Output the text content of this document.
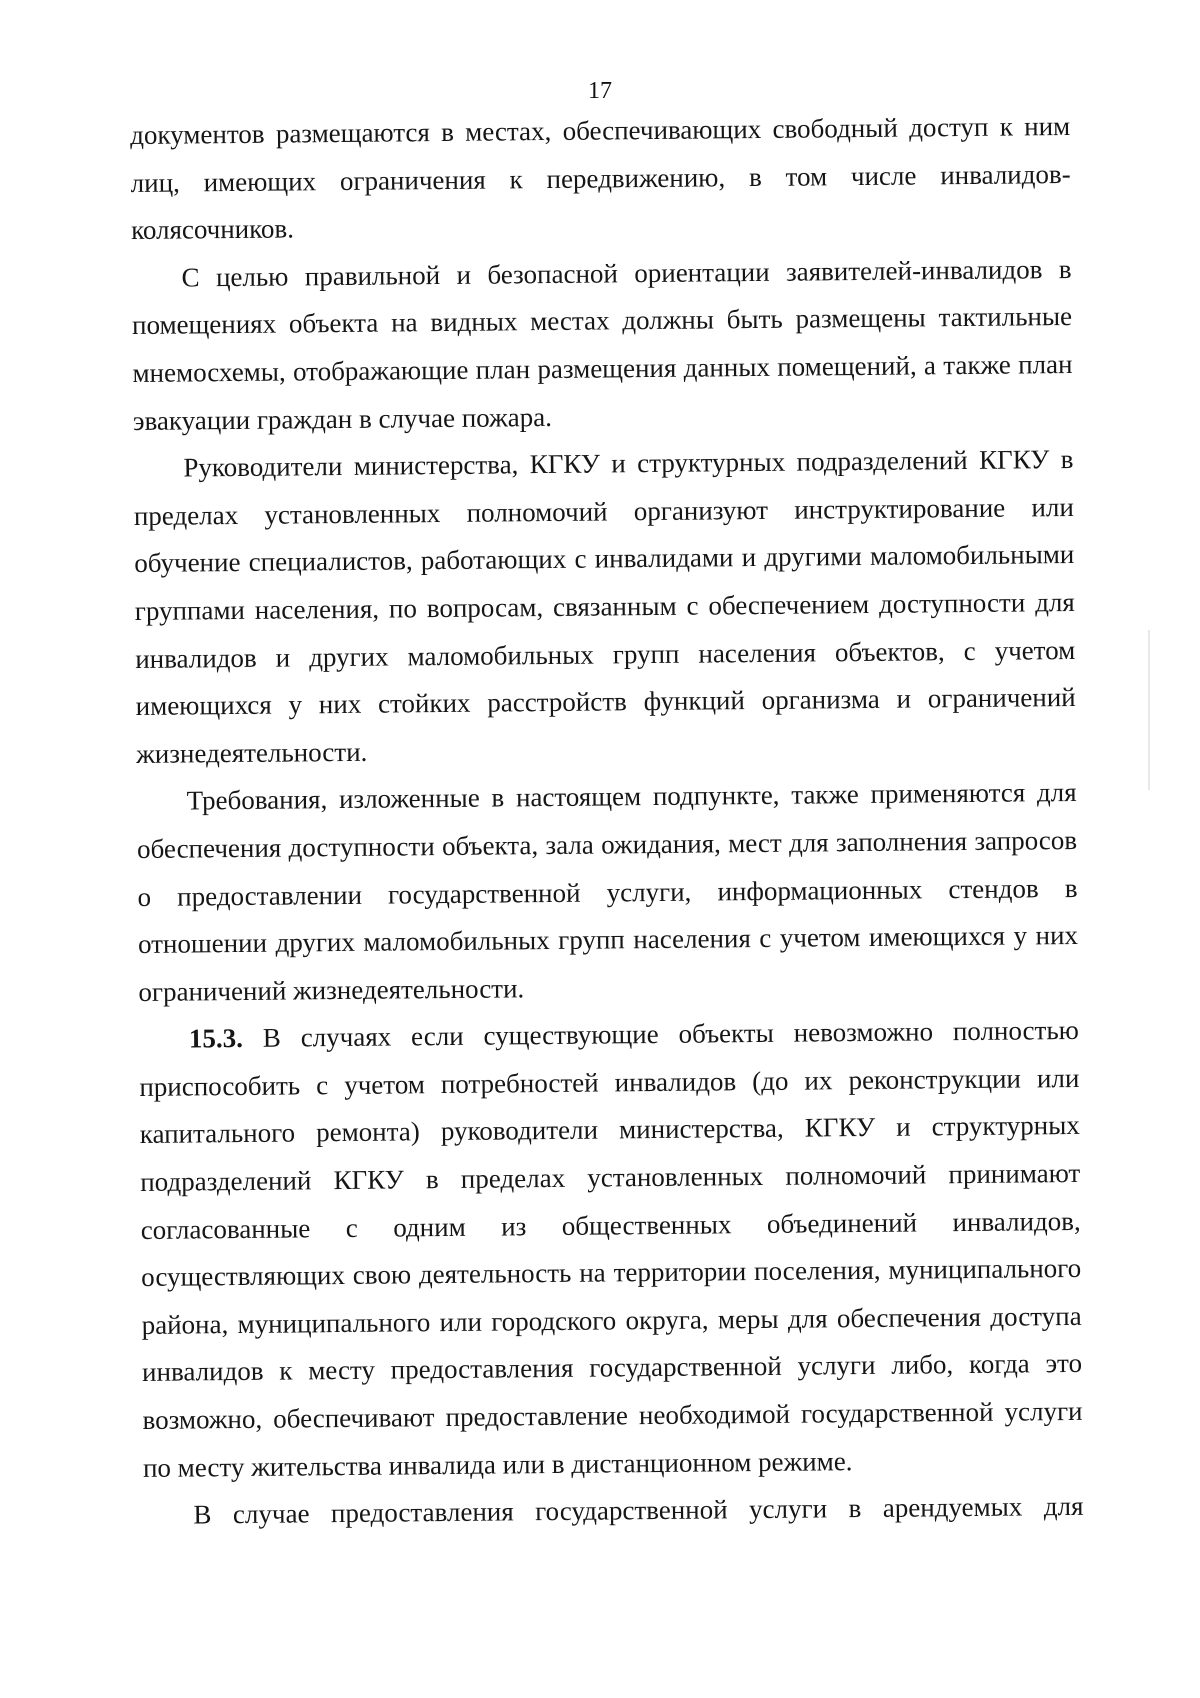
17

документов размещаются в местах, обеспечивающих свободный доступ к ним лиц, имеющих ограничения к передвижению, в том числе инвалидов-колясочников.

С целью правильной и безопасной ориентации заявителей-инвалидов в помещениях объекта на видных местах должны быть размещены тактильные мнемосхемы, отображающие план размещения данных помещений, а также план эвакуации граждан в случае пожара.

Руководители министерства, КГКУ и структурных подразделений КГКУ в пределах установленных полномочий организуют инструктирование или обучение специалистов, работающих с инвалидами и другими маломобильными группами населения, по вопросам, связанным с обеспечением доступности для инвалидов и других маломобильных групп населения объектов, с учетом имеющихся у них стойких расстройств функций организма и ограничений жизнедеятельности.

Требования, изложенные в настоящем подпункте, также применяются для обеспечения доступности объекта, зала ожидания, мест для заполнения запросов о предоставлении государственной услуги, информационных стендов в отношении других маломобильных групп населения с учетом имеющихся у них ограничений жизнедеятельности.

15.3. В случаях если существующие объекты невозможно полностью приспособить с учетом потребностей инвалидов (до их реконструкции или капитального ремонта) руководители министерства, КГКУ и структурных подразделений КГКУ в пределах установленных полномочий принимают согласованные с одним из общественных объединений инвалидов, осуществляющих свою деятельность на территории поселения, муниципального района, муниципального или городского округа, меры для обеспечения доступа инвалидов к месту предоставления государственной услуги либо, когда это возможно, обеспечивают предоставление необходимой государственной услуги по месту жительства инвалида или в дистанционном режиме.

В случае предоставления государственной услуги в арендуемых для
